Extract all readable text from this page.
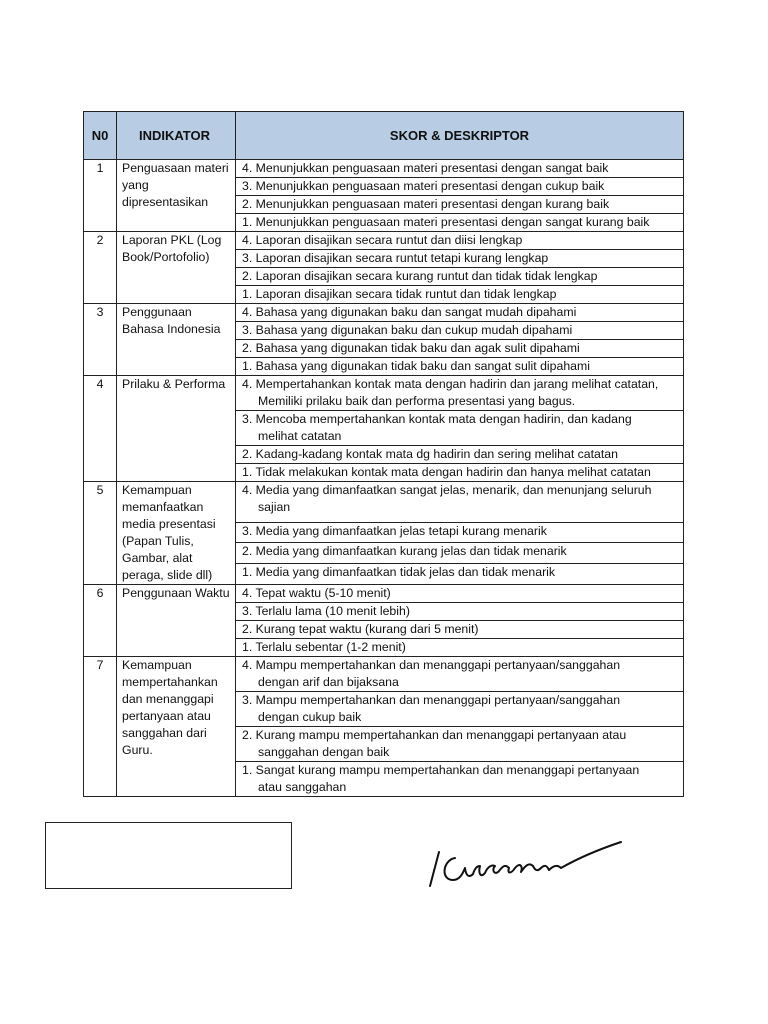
N0	INDIKATOR	SKOR & DESKRIPTOR
1	Penguasaan materi yang dipresentasikan	4. Menunjukkan penguasaan materi presentasi dengan sangat baik
		3. Menunjukkan penguasaan materi presentasi dengan cukup baik
		2. Menunjukkan penguasaan materi presentasi dengan kurang baik
		1. Menunjukkan penguasaan materi presentasi dengan sangat kurang baik
2	Laporan PKL (Log Book/Portofolio)	4. Laporan disajikan secara runtut dan diisi lengkap
		3. Laporan disajikan secara runtut tetapi kurang lengkap
		2. Laporan disajikan secara kurang runtut dan tidak tidak lengkap
		1. Laporan disajikan secara tidak runtut dan tidak lengkap
3	Penggunaan Bahasa Indonesia	4. Bahasa yang digunakan baku dan sangat mudah dipahami
		3. Bahasa yang digunakan baku dan cukup mudah dipahami
		2. Bahasa yang digunakan tidak baku dan agak sulit dipahami
		1. Bahasa yang digunakan tidak baku dan sangat sulit dipahami
4	Prilaku & Performa	4. Mempertahankan kontak mata dengan hadirin dan jarang melihat catatan,
Memiliki prilaku baik dan performa presentasi yang bagus.

		3. Mencoba mempertahankan kontak mata dengan hadirin, dan kadang
melihat catatan

		2. Kadang-kadang kontak mata dg hadirin dan sering melihat catatan
		1. Tidak melakukan kontak mata dengan hadirin dan hanya melihat catatan
5	Kemampuan memanfaatkan media presentasi (Papan Tulis, Gambar, alat peraga, slide dll)	4. Media yang dimanfaatkan sangat jelas, menarik, dan menunjang seluruh
sajian

		3. Media yang dimanfaatkan jelas tetapi kurang menarik
		2. Media yang dimanfaatkan kurang jelas dan tidak menarik
		1. Media yang dimanfaatkan tidak jelas dan tidak menarik
6	Penggunaan Waktu	4. Tepat waktu (5-10 menit)
		3. Terlalu lama (10 menit lebih)
		2. Kurang tepat waktu (kurang dari 5 menit)
		1. Terlalu sebentar (1-2 menit)
7	Kemampuan mempertahankan dan menanggapi pertanyaan atau sanggahan dari Guru.	4. Mampu mempertahankan dan menanggapi pertanyaan/sanggahan
dengan arif dan bijaksana

		3. Mampu mempertahankan dan menanggapi pertanyaan/sanggahan
dengan cukup baik

		2. Kurang mampu mempertahankan dan menanggapi pertanyaan atau
sanggahan dengan baik

		1. Sangat kurang mampu mempertahankan dan menanggapi pertanyaan
atau sanggahan
